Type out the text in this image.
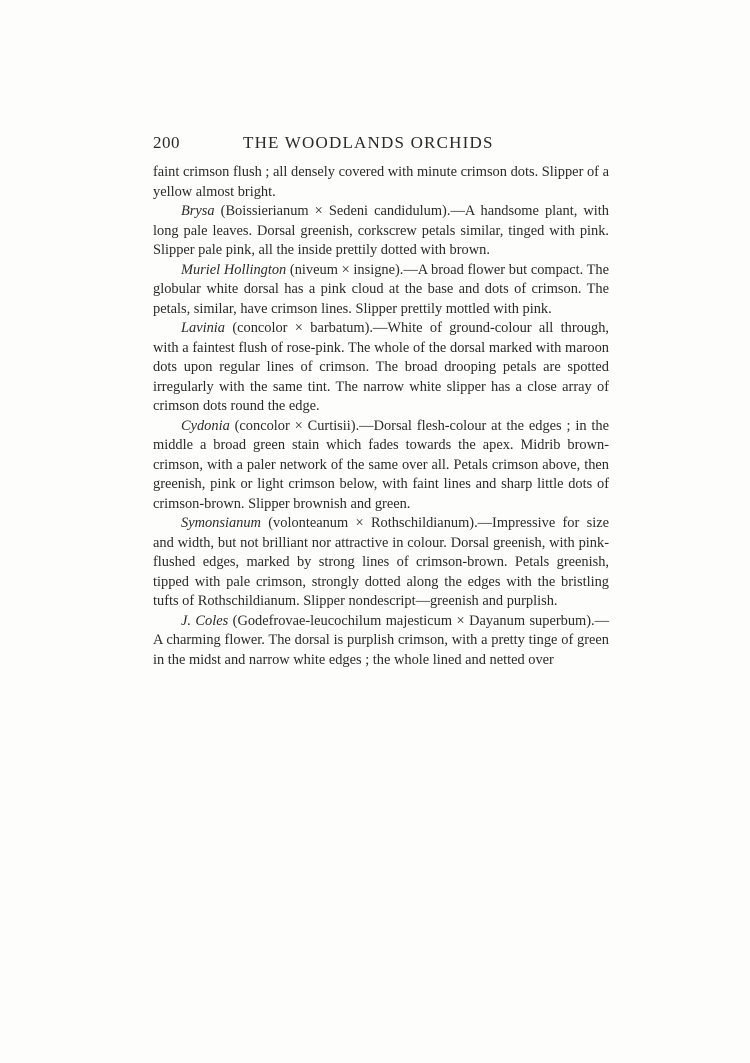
200	THE WOODLANDS ORCHIDS

faint crimson flush ; all densely covered with minute crimson dots. Slipper of a yellow almost bright.

Brysa (Boissierianum × Sedeni candidulum).—A handsome plant, with long pale leaves. Dorsal greenish, corkscrew petals similar, tinged with pink. Slipper pale pink, all the inside prettily dotted with brown.

Muriel Hollington (niveum × insigne).—A broad flower but compact. The globular white dorsal has a pink cloud at the base and dots of crimson. The petals, similar, have crimson lines. Slipper prettily mottled with pink.

Lavinia (concolor × barbatum).—White of ground-colour all through, with a faintest flush of rose-pink. The whole of the dorsal marked with maroon dots upon regular lines of crimson. The broad drooping petals are spotted irregularly with the same tint. The narrow white slipper has a close array of crimson dots round the edge.

Cydonia (concolor × Curtisii).—Dorsal flesh-colour at the edges ; in the middle a broad green stain which fades towards the apex. Midrib brown-crimson, with a paler network of the same over all. Petals crimson above, then greenish, pink or light crimson below, with faint lines and sharp little dots of crimson-brown. Slipper brownish and green.

Symonsianum (volonteanum × Rothschildianum).—Impressive for size and width, but not brilliant nor attractive in colour. Dorsal greenish, with pink-flushed edges, marked by strong lines of crimson-brown. Petals greenish, tipped with pale crimson, strongly dotted along the edges with the bristling tufts of Rothschildianum. Slipper nondescript—greenish and purplish.

J. Coles (Godefrovae-leucochilum majesticum × Dayanum superbum).—A charming flower. The dorsal is purplish crimson, with a pretty tinge of green in the midst and narrow white edges ; the whole lined and netted over
